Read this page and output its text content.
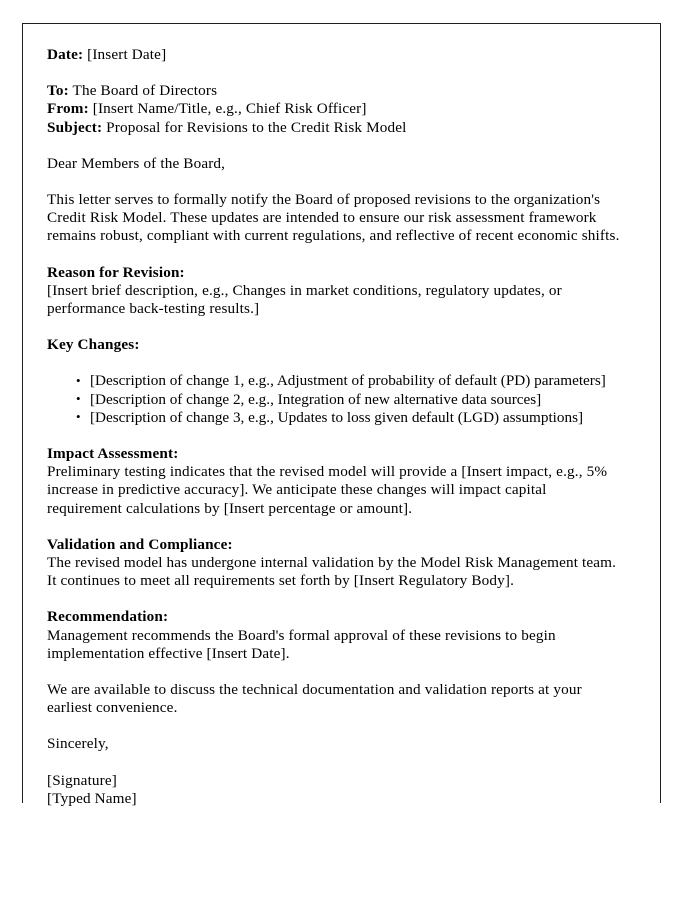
Date: [Insert Date]
To: The Board of Directors
From: [Insert Name/Title, e.g., Chief Risk Officer]
Subject: Proposal for Revisions to the Credit Risk Model
Dear Members of the Board,

This letter serves to formally notify the Board of proposed revisions to the organization's Credit Risk Model. These updates are intended to ensure our risk assessment framework remains robust, compliant with current regulations, and reflective of recent economic shifts.

Reason for Revision:

[Insert brief description, e.g., Changes in market conditions, regulatory updates, or performance back-testing results.]

Key Changes:
• [Description of change 1, e.g., Adjustment of probability of default (PD) parameters]
• [Description of change 2, e.g., Integration of new alternative data sources]
• [Description of change 3, e.g., Updates to loss given default (LGD) assumptions]
Impact Assessment:

Preliminary testing indicates that the revised model will provide a [Insert impact, e.g., 5% increase in predictive accuracy]. We anticipate these changes will impact capital requirement calculations by [Insert percentage or amount].

Validation and Compliance:

The revised model has undergone internal validation by the Model Risk Management team. It continues to meet all requirements set forth by [Insert Regulatory Body].

Recommendation:

Management recommends the Board's formal approval of these revisions to begin implementation effective [Insert Date].

We are available to discuss the technical documentation and validation reports at your earliest convenience.

Sincerely,
[Signature]
[Typed Name]
